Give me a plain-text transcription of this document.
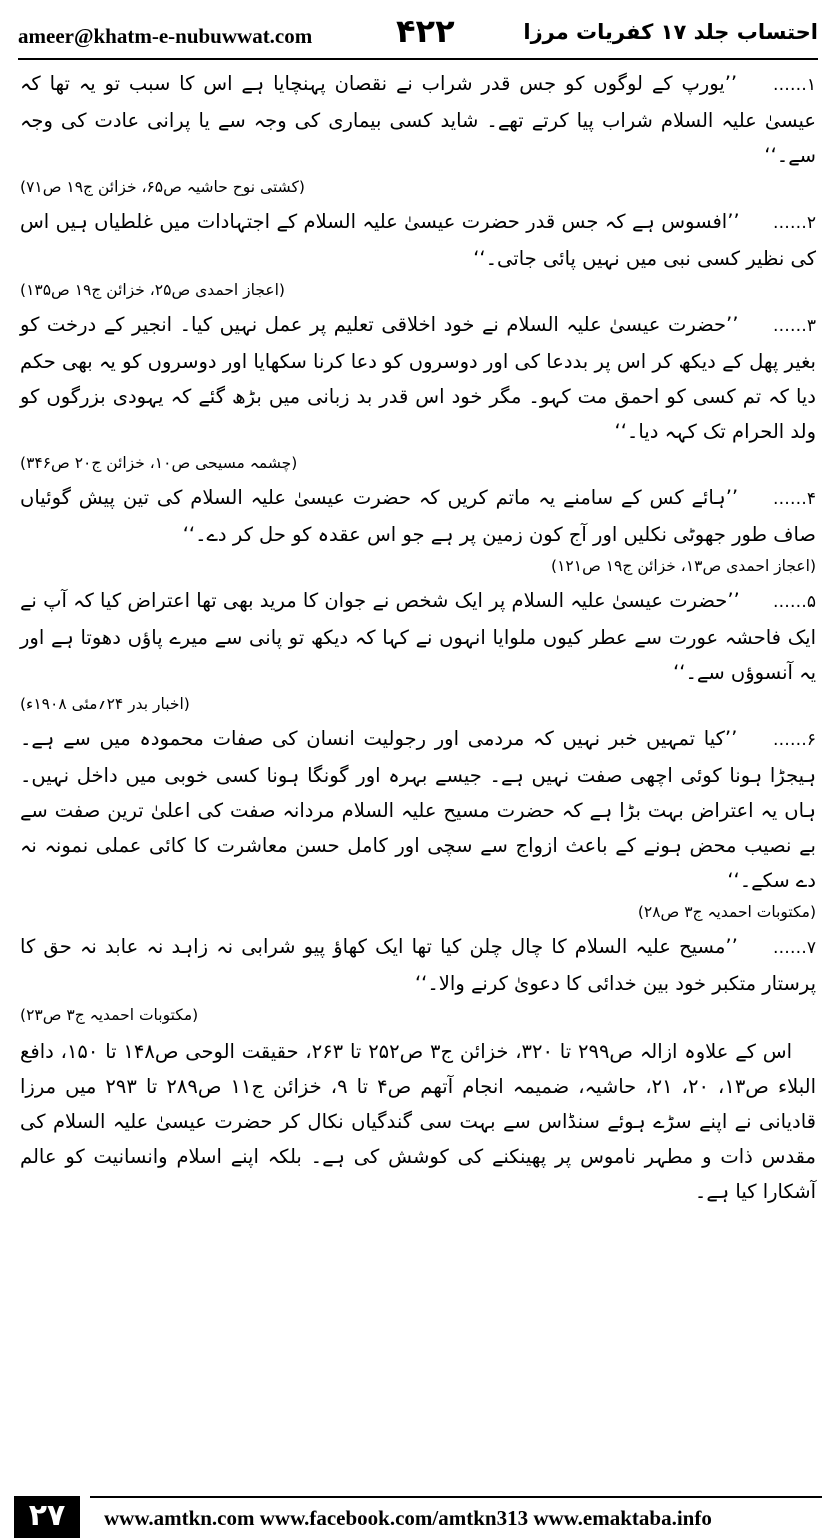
ameer@khatm-e-nubuwwat.com	۴۲۲	احتساب جلد ۱۷ کفریات مرزا
۱…… ’’یورپ کے لوگوں کو جس قدر شراب نے نقصان پہنچایا ہے اس کا سبب تو یہ تھا کہ عیسیٰ علیہ السلام شراب پیا کرتے تھے۔ شاید کسی بیماری کی وجہ سے یا پرانی عادت کی وجہ سے۔‘‘
(کشتی نوح حاشیہ ص۶۵، خزائن ج۱۹ ص۷۱)
۲…… ’’افسوس ہے کہ جس قدر حضرت عیسیٰ علیہ السلام کے اجتہادات میں غلطیاں ہیں اس کی نظیر کسی نبی میں نہیں پائی جاتی۔‘‘
(اعجاز احمدی ص۲۵، خزائن ج۱۹ ص۱۳۵)
۳…… ’’حضرت عیسیٰ علیہ السلام نے خود اخلاقی تعلیم پر عمل نہیں کیا۔ انجیر کے درخت کو بغیر پھل کے دیکھ کر اس پر بددعا کی اور دوسروں کو دعا کرنا سکھایا اور دوسروں کو یہ بھی حکم دیا کہ تم کسی کو احمق مت کہو۔ مگر خود اس قدر بد زبانی میں بڑھ گئے کہ یہودی بزرگوں کو ولد الحرام تک کہہ دیا۔‘‘
(چشمہ مسیحی ص۱۰، خزائن ج۲۰ ص۳۴۶)
۴…… ’’ہائے کس کے سامنے یہ ماتم کریں کہ حضرت عیسیٰ علیہ السلام کی تین پیش گوئیاں صاف طور جھوٹی نکلیں اور آج کون زمین پر ہے جو اس عقدہ کو حل کر دے۔‘‘
(اعجاز احمدی ص۱۳، خزائن ج۱۹ ص۱۲۱)
۵…… ’’حضرت عیسیٰ علیہ السلام پر ایک شخص نے جوان کا مرید بھی تھا اعتراض کیا کہ آپ نے ایک فاحشہ عورت سے عطر کیوں ملوایا انہوں نے کہا کہ دیکھ تو پانی سے میرے پاؤں دھوتا ہے اور یہ آنسوؤں سے۔‘‘
(اخبار بدر ۲۴؍مئی ۱۹۰۸ء)
۶…… ’’کیا تمہیں خبر نہیں کہ مردمی اور رجولیت انسان کی صفات محمودہ میں سے ہے۔ ہیجڑا ہونا کوئی اچھی صفت نہیں ہے۔ جیسے بہرہ اور گونگا ہونا کسی خوبی میں داخل نہیں۔ ہاں یہ اعتراض بہت بڑا ہے کہ حضرت مسیح علیہ السلام مردانہ صفت کی اعلیٰ ترین صفت سے بے نصیب محض ہونے کے باعث ازواج سے سچی اور کامل حسن معاشرت کا کائی عملی نمونہ نہ دے سکے۔‘‘
(مکتوبات احمدیہ ج۳ ص۲۸)
۷…… ’’مسیح علیہ السلام کا چال چلن کیا تھا ایک کھاؤ پیو شرابی نہ زاہد نہ عابد نہ حق کا پرستار متکبر خود بین خدائی کا دعویٰ کرنے والا۔‘‘
(مکتوبات احمدیہ ج۳ ص۲۳)
اس کے علاوہ ازالہ ص۲۹۹ تا ۳۲۰، خزائن ج۳ ص۲۵۲ تا ۲۶۳، حقیقت الوحی ص۱۴۸ تا ۱۵۰، دافع البلاء ص۱۳، ۲۰، ۲۱، حاشیہ، ضمیمہ انجام آتھم ص۴ تا ۹، خزائن ج۱۱ ص۲۸۹ تا ۲۹۳ میں مرزا قادیانی نے اپنے سڑے ہوئے سنڈاس سے بہت سی گندگیاں نکال کر حضرت عیسیٰ علیہ السلام کی مقدس ذات و مطہر ناموس پر پھینکنے کی کوشش کی ہے۔ بلکہ اپنے اسلام وانسانیت کو عالم آشکارا کیا ہے۔
۲۷	www.amtkn.com www.facebook.com/amtkn313 www.emaktaba.info
